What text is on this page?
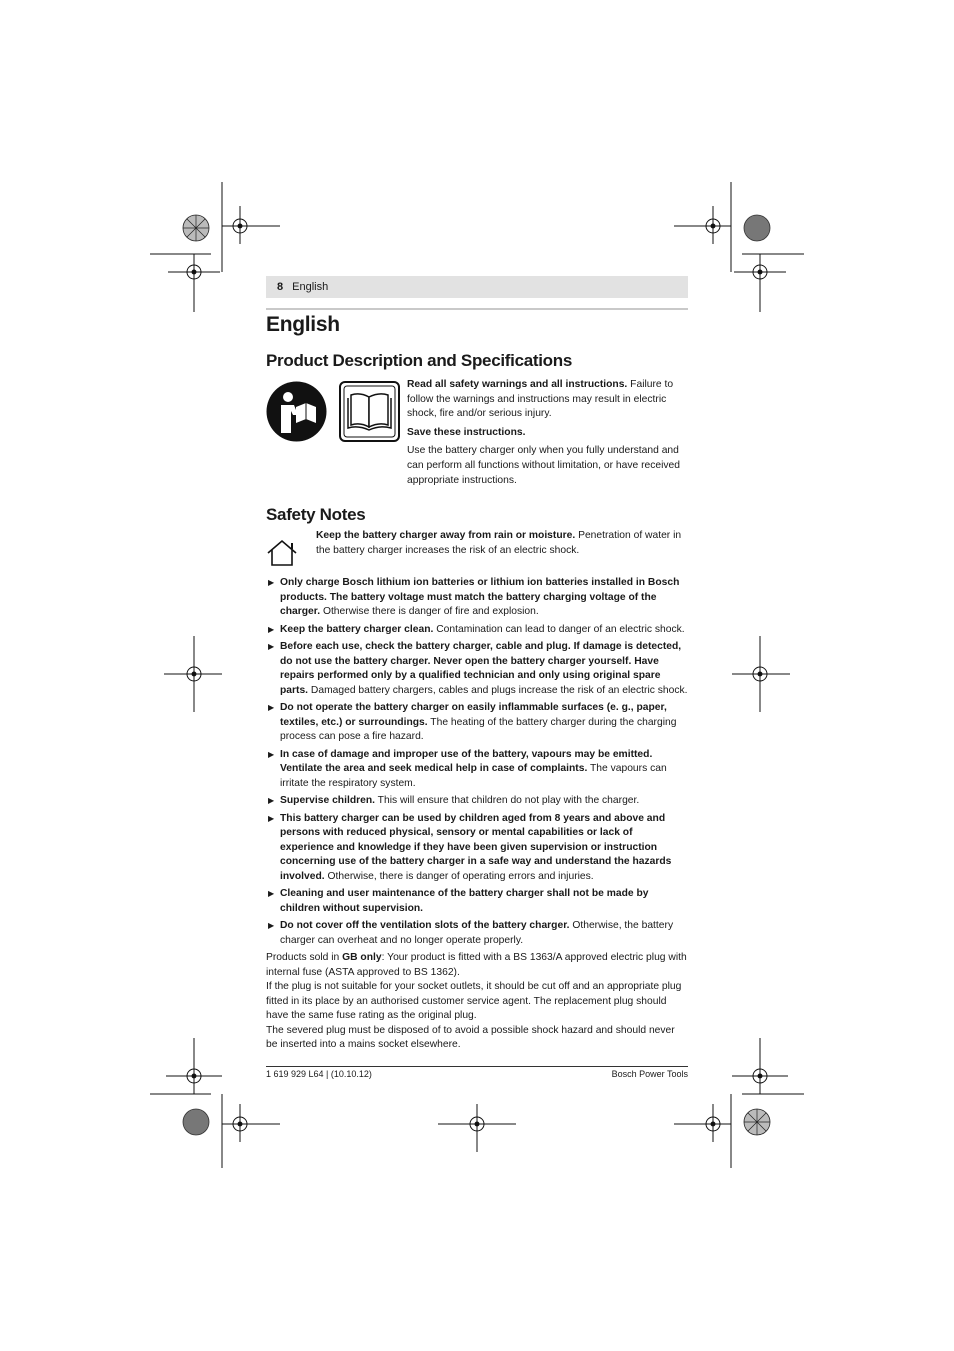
8 English
English
Product Description and Specifications

Read all safety warnings and all instructions. Failure to follow the warnings and instructions may result in electric shock, fire and/or serious injury.

Save these instructions.

Use the battery charger only when you fully understand and can perform all functions without limitation, or have received appropriate instructions.

Safety Notes
Keep the battery charger away from rain or moisture. Penetration of water in the battery charger increases the risk of an electric shock.
▶ Only charge Bosch lithium ion batteries or lithium ion batteries installed in Bosch products. The battery voltage must match the battery charging voltage of the charger. Otherwise there is danger of fire and explosion.
▶ Keep the battery charger clean. Contamination can lead to danger of an electric shock.
▶ Before each use, check the battery charger, cable and plug. If damage is detected, do not use the battery charger. Never open the battery charger yourself. Have repairs performed only by a qualified technician and only using original spare parts. Damaged battery chargers, cables and plugs increase the risk of an electric shock.
▶ Do not operate the battery charger on easily inflammable surfaces (e. g., paper, textiles, etc.) or surroundings. The heating of the battery charger during the charging process can pose a fire hazard.
▶ In case of damage and improper use of the battery, vapours may be emitted. Ventilate the area and seek medical help in case of complaints. The vapours can irritate the respiratory system.
▶ Supervise children. This will ensure that children do not play with the charger.
▶ This battery charger can be used by children aged from 8 years and above and persons with reduced physical, sensory or mental capabilities or lack of experience and knowledge if they have been given supervision or instruction concerning use of the battery charger in a safe way and understand the hazards involved. Otherwise, there is danger of operating errors and injuries.
▶ Cleaning and user maintenance of the battery charger shall not be made by children without supervision.
▶ Do not cover off the ventilation slots of the battery charger. Otherwise, the battery charger can overheat and no longer operate properly.

Products sold in GB only: Your product is fitted with a BS 1363/A approved electric plug with internal fuse (ASTA approved to BS 1362).

If the plug is not suitable for your socket outlets, it should be cut off and an appropriate plug fitted in its place by an authorised customer service agent. The replacement plug should have the same fuse rating as the original plug.

The severed plug must be disposed of to avoid a possible shock hazard and should never be inserted into a mains socket elsewhere.

1 619 929 L64 | (10.10.12)	Bosch Power Tools
